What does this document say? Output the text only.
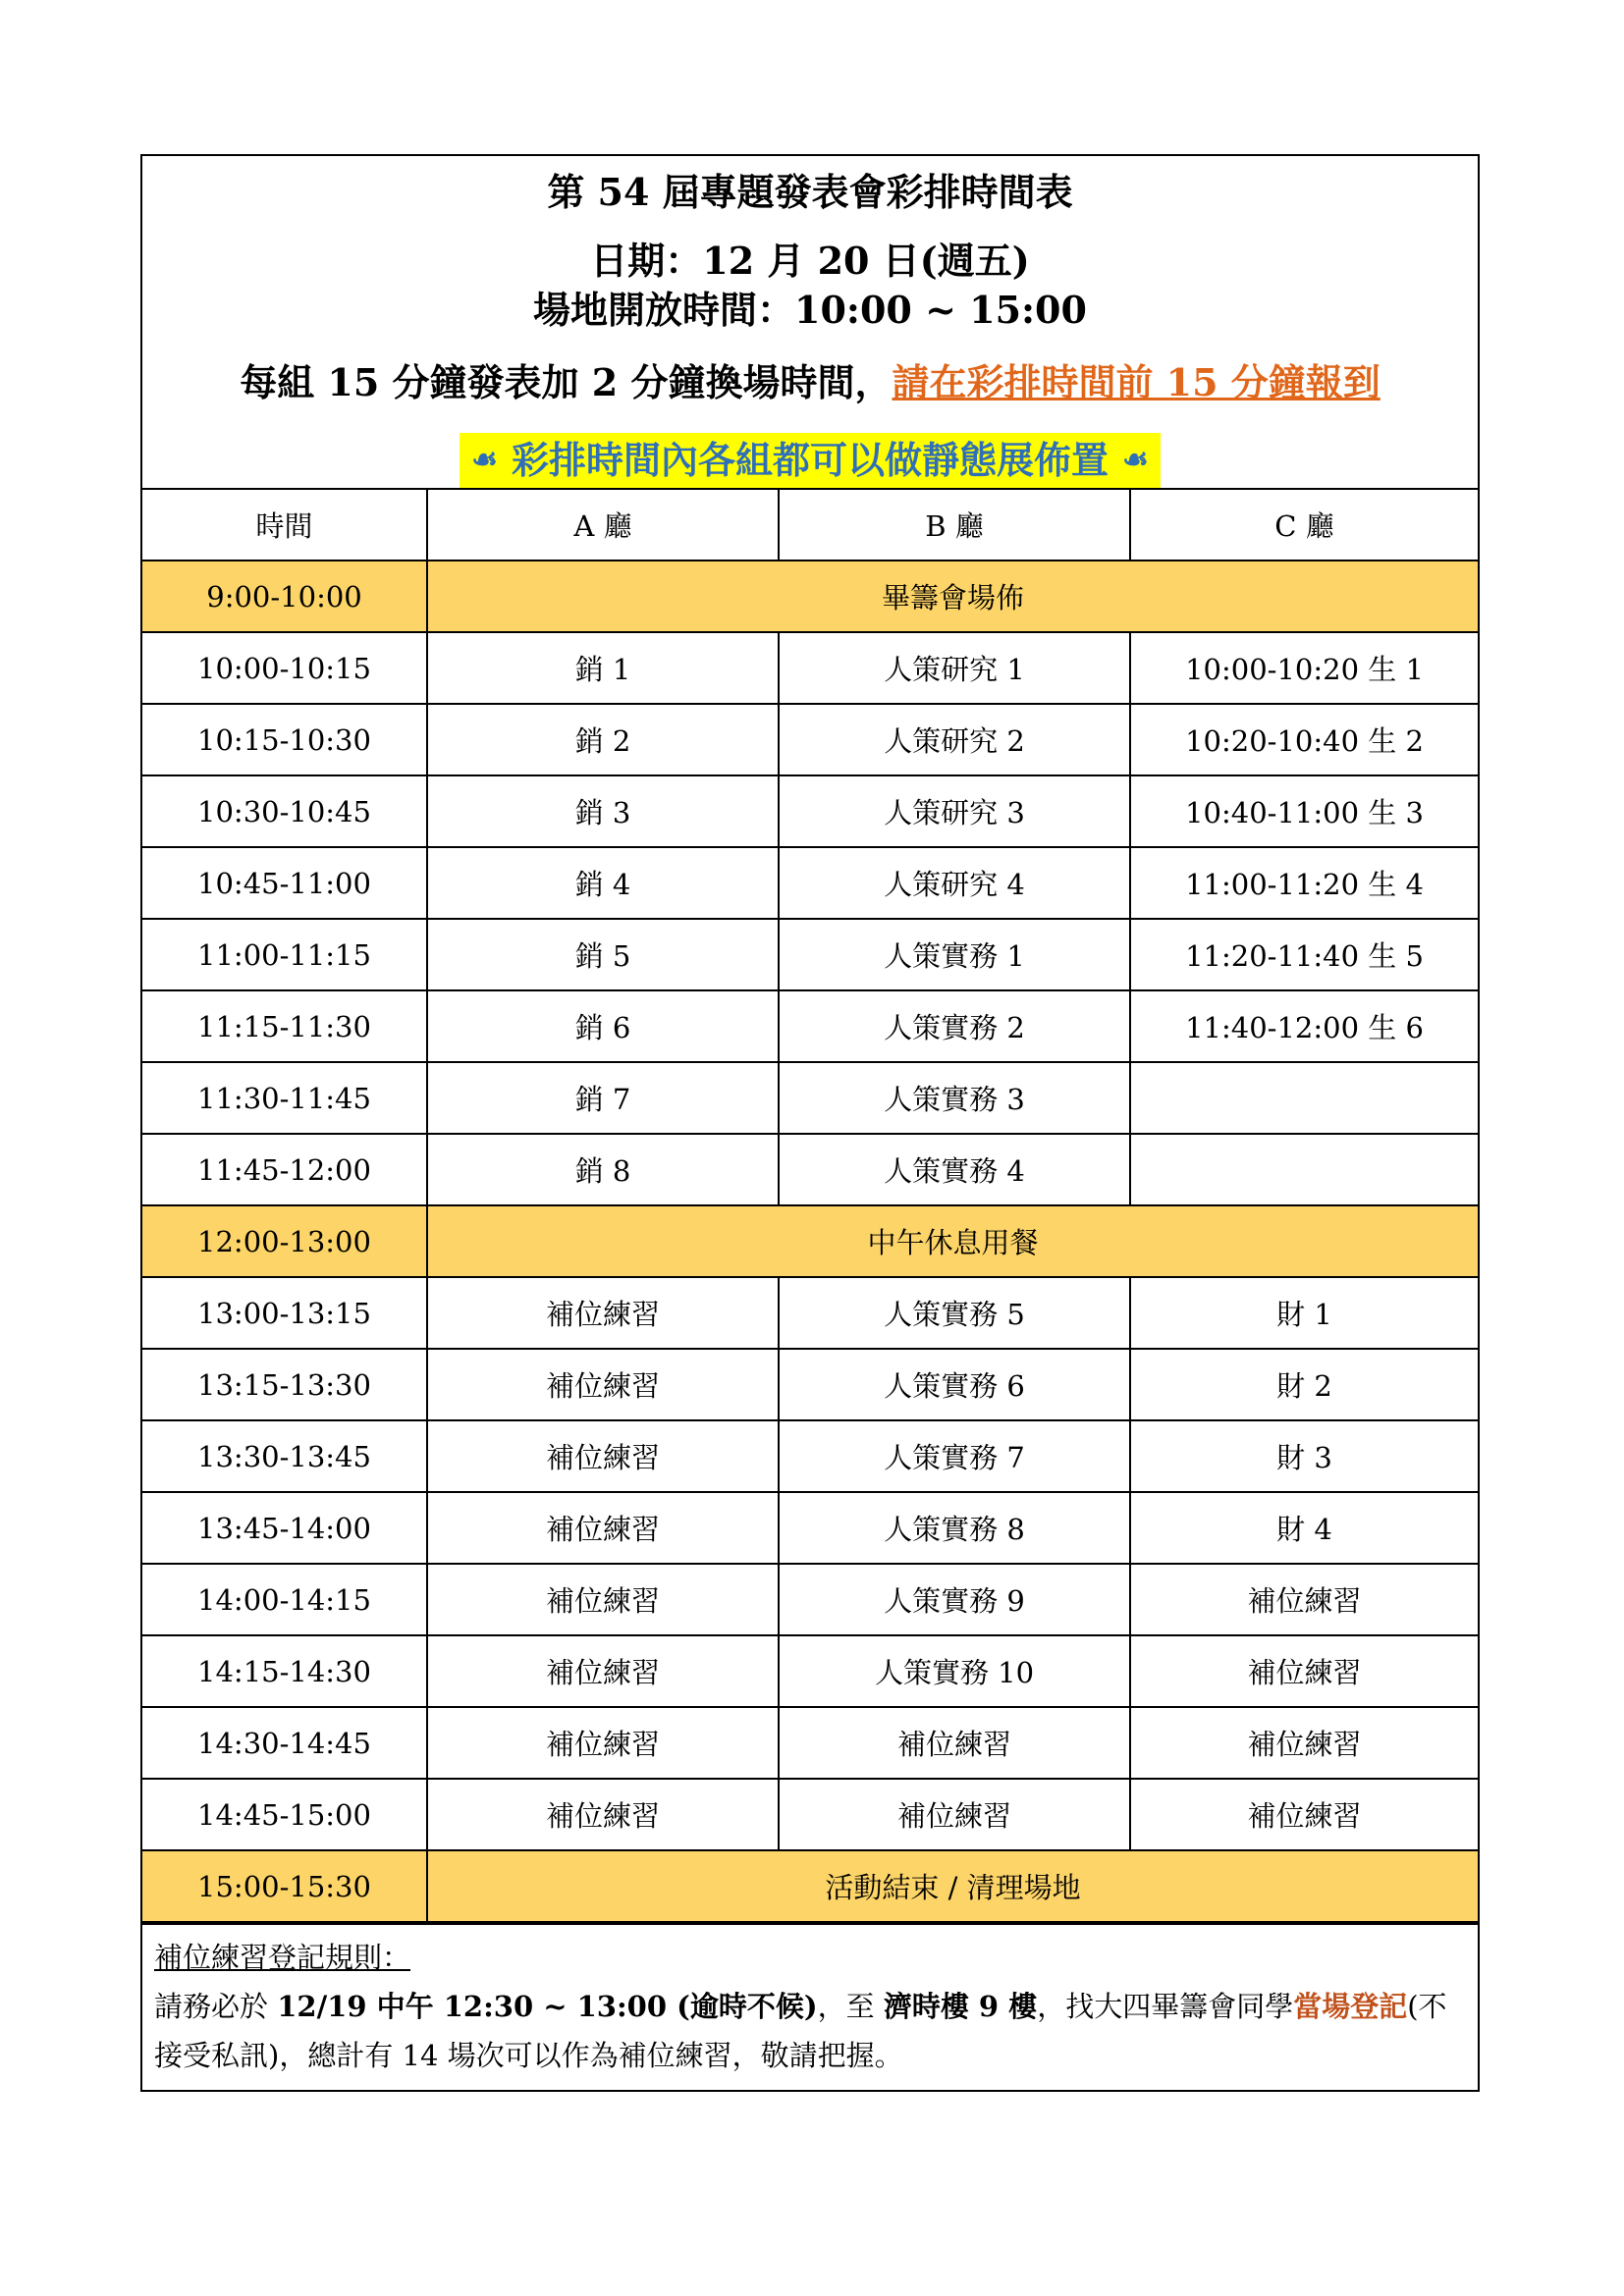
第 54 屆專題發表會彩排時間表
日期：12 月 20 日(週五)
場地開放時間：10:00 ~ 15:00
每組 15 分鐘發表加 2 分鐘換場時間，請在彩排時間前 15 分鐘報到
☙ 彩排時間內各組都可以做靜態展佈置 ☙
時間	A 廳	B 廳	C 廳
9:00-10:00	畢籌會場佈		
10:00-10:15	銷 1	人策研究 1	10:00-10:20 生 1
10:15-10:30	銷 2	人策研究 2	10:20-10:40 生 2
10:30-10:45	銷 3	人策研究 3	10:40-11:00 生 3
10:45-11:00	銷 4	人策研究 4	11:00-11:20 生 4
11:00-11:15	銷 5	人策實務 1	11:20-11:40 生 5
11:15-11:30	銷 6	人策實務 2	11:40-12:00 生 6
11:30-11:45	銷 7	人策實務 3	
11:45-12:00	銷 8	人策實務 4	
12:00-13:00	中午休息用餐		
13:00-13:15	補位練習	人策實務 5	財 1
13:15-13:30	補位練習	人策實務 6	財 2
13:30-13:45	補位練習	人策實務 7	財 3
13:45-14:00	補位練習	人策實務 8	財 4
14:00-14:15	補位練習	人策實務 9	補位練習
14:15-14:30	補位練習	人策實務 10	補位練習
14:30-14:45	補位練習	補位練習	補位練習
14:45-15:00	補位練習	補位練習	補位練習
15:00-15:30	活動結束 / 清理場地		
補位練習登記規則：
請務必於 12/19 中午 12:30 ~ 13:00 (逾時不候)，至 濟時樓 9 樓，找大四畢籌會同學當場登記(不接受私訊)，總計有 14 場次可以作為補位練習，敬請把握。
